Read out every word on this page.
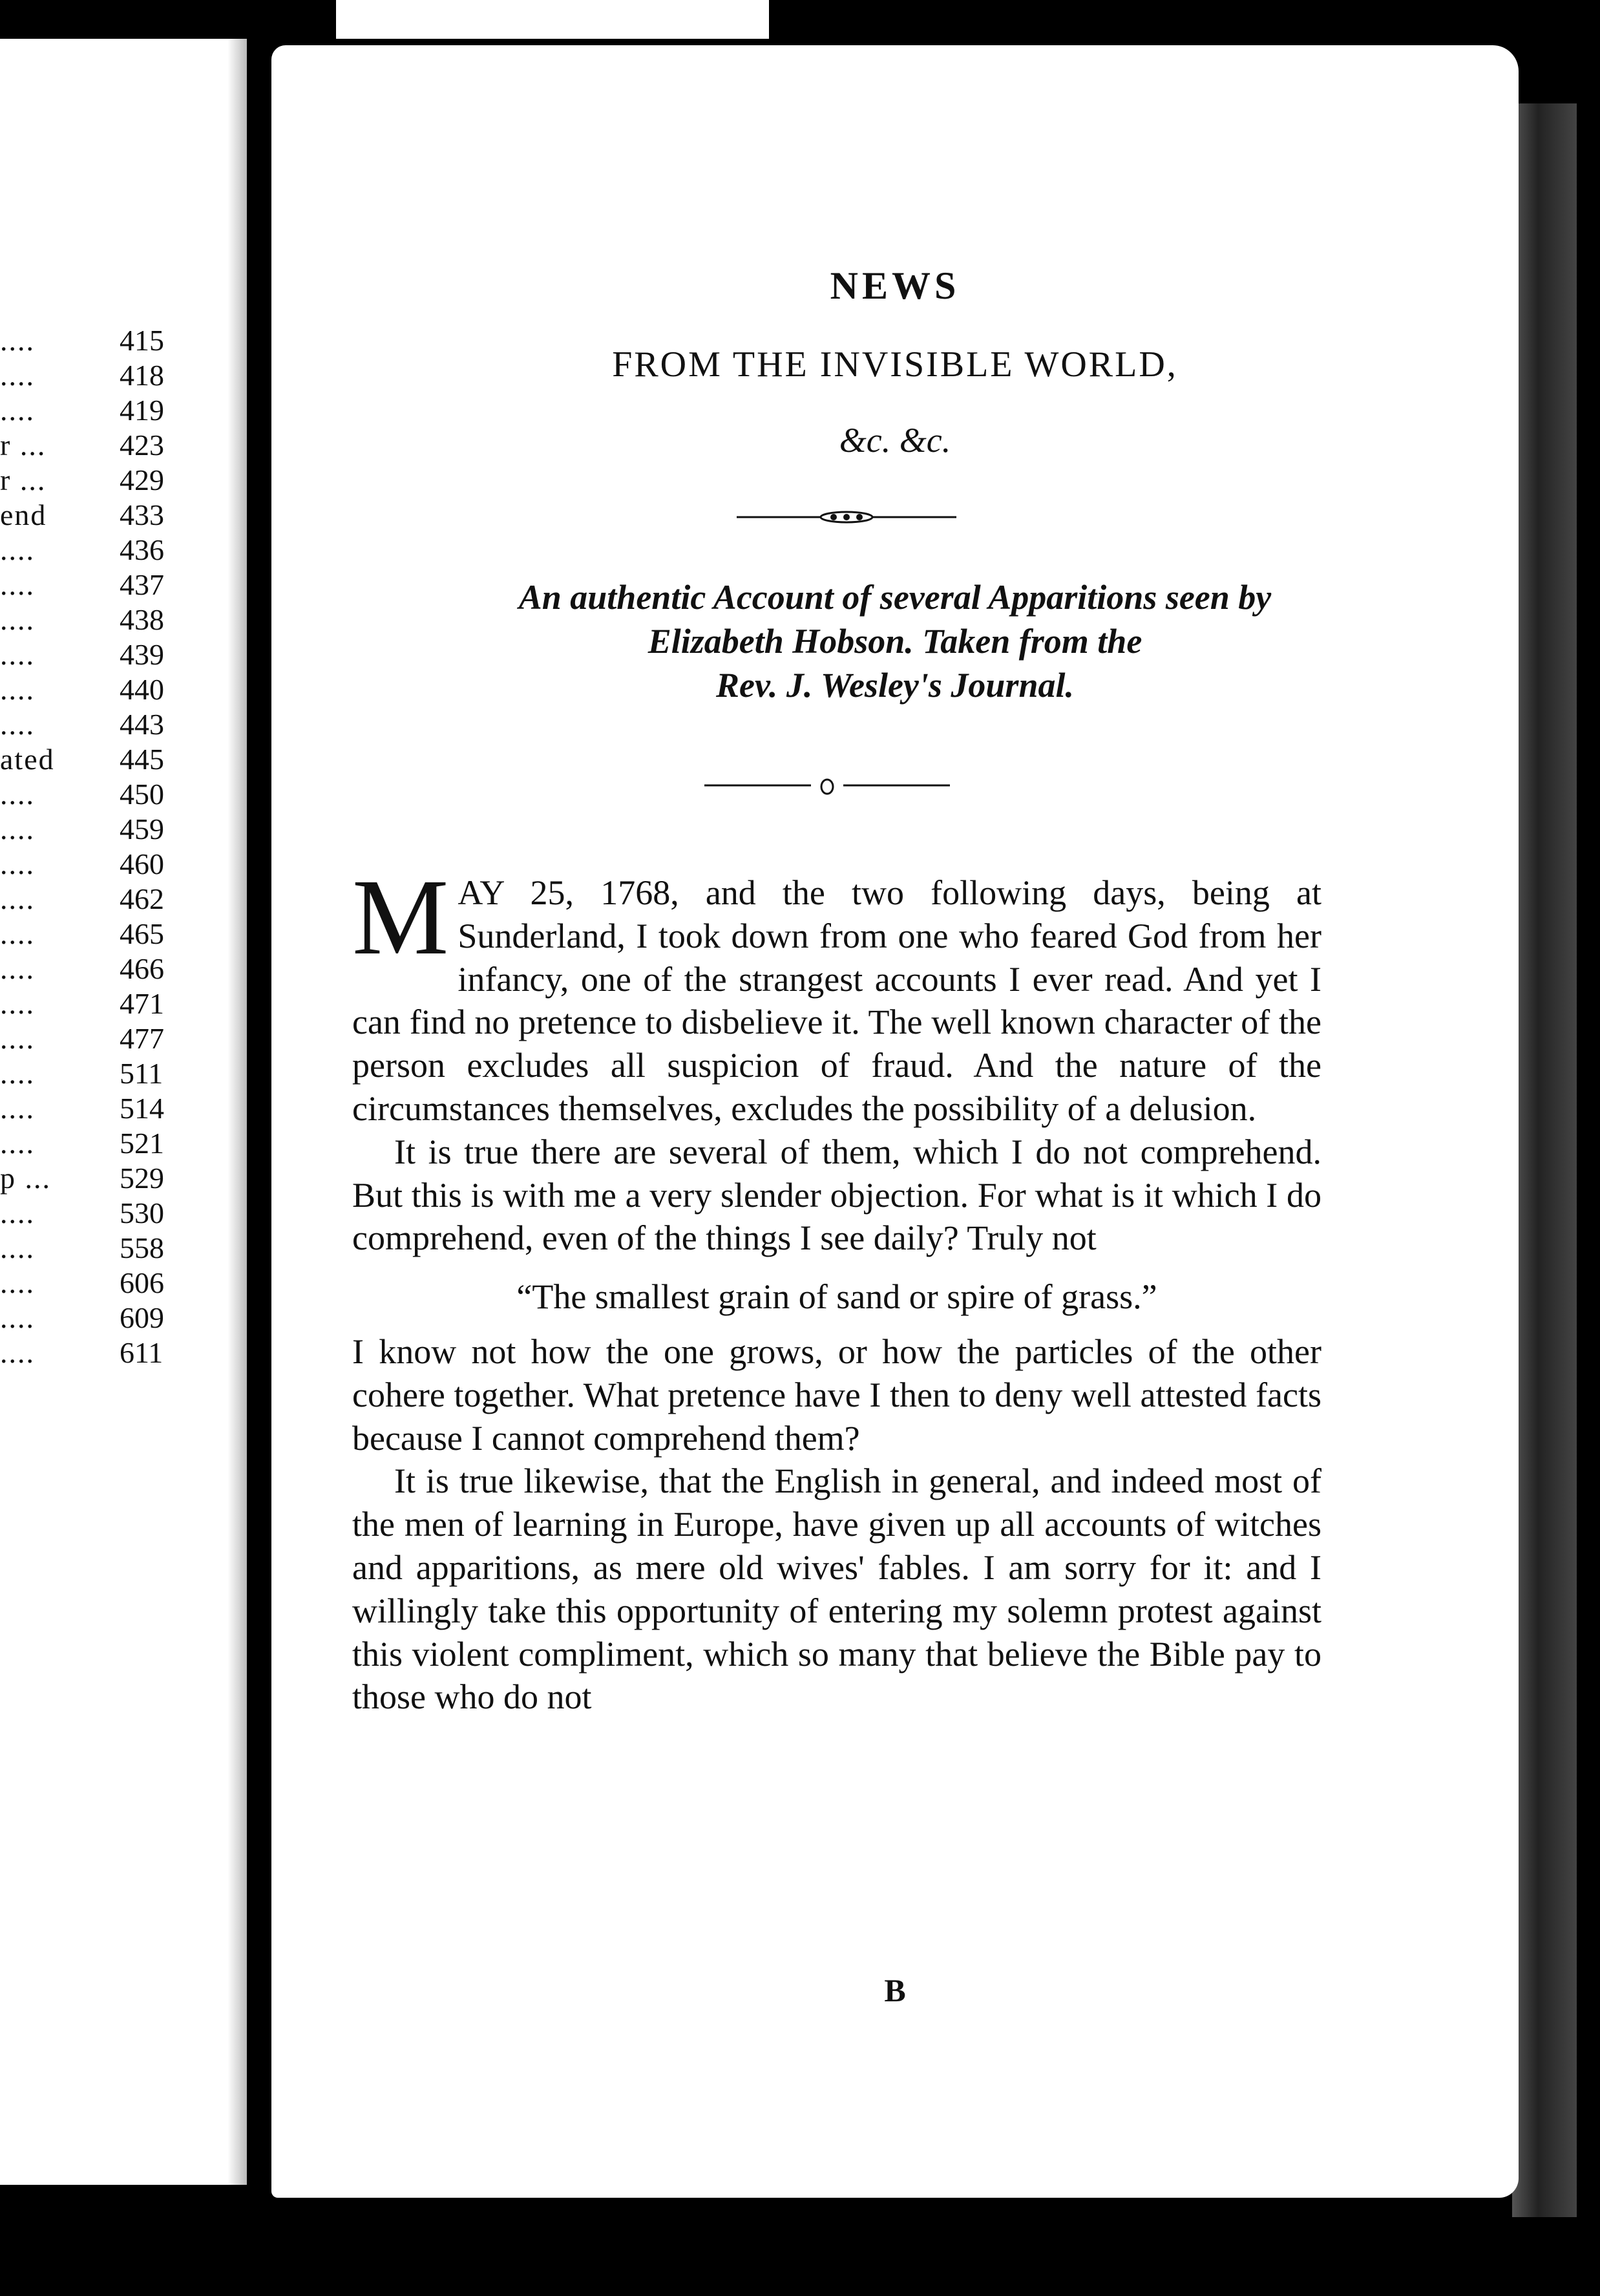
....	415
....	418
....	419
r ...	423
r ...	429
end	433
....	436
....	437
....	438
....	439
....	440
....	443
ated	445
....	450
....	459
....	460
....	462
....	465
....	466
....	471
....	477
....	511
....	514
....	521
p ...	529
....	530
....	558
....	606
....	609
....	611
NEWS
FROM THE INVISIBLE WORLD,
&c. &c.
An authentic Account of several Apparitions seen by
Elizabeth Hobson. Taken from the
Rev. J. Wesley's Journal.

MAY 25, 1768, and the two following days, being at Sunderland, I took down from one who feared God from her infancy, one of the strangest accounts I ever read. And yet I can find no pretence to disbelieve it. The well known character of the person excludes all suspicion of fraud. And the nature of the circumstances themselves, excludes the possibility of a delusion.

It is true there are several of them, which I do not comprehend. But this is with me a very slender objection. For what is it which I do comprehend, even of the things I see daily? Truly not

“The smallest grain of sand or spire of grass.”

I know not how the one grows, or how the particles of the other cohere together. What pretence have I then to deny well attested facts because I cannot comprehend them?

It is true likewise, that the English in general, and indeed most of the men of learning in Europe, have given up all accounts of witches and apparitions, as mere old wives' fables. I am sorry for it: and I willingly take this opportunity of entering my solemn protest against this violent compliment, which so many that believe the Bible pay to those who do not

B
